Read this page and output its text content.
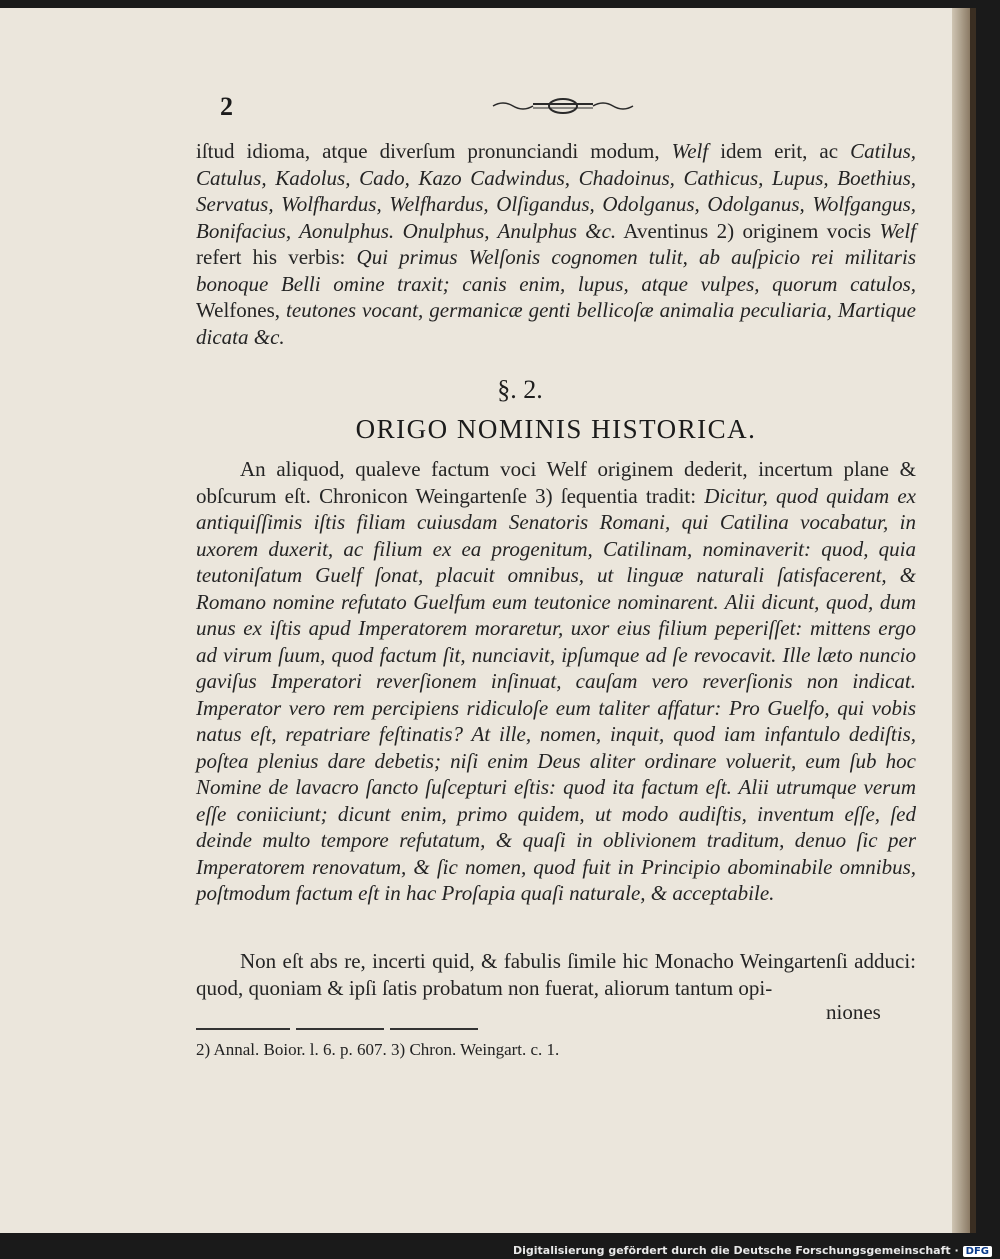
2

iſtud idioma, atque diverſum pronunciandi modum, Welf idem erit, ac Catilus, Catulus, Kadolus, Cado, Kazo Cadwindus, Chadoinus, Cathicus, Lupus, Boethius, Servatus, Wolfhardus, Welfhardus, Olſigandus, Odolganus, Odolganus, Wolfgangus, Bonifacius, Aonulphus. Onulphus, Anulphus &c. Aventinus 2) originem vocis Welf refert his verbis: Qui primus Welſonis cognomen tulit, ab auſpicio rei militaris bonoque Belli omine traxit; canis enim, lupus, atque vulpes, quorum catulos, Welfones, teutones vocant, germanicæ genti bellicoſæ animalia peculiaria, Martique dicata &c.

§. 2.
ORIGO NOMINIS HISTORICA.

An aliquod, qualeve factum voci Welf originem dederit, incertum plane & obſcurum eſt. Chronicon Weingartenſe 3) ſequentia tradit: Dicitur, quod quidam ex antiquiſſimis iſtis filiam cuiusdam Senatoris Romani, qui Catilina vocabatur, in uxorem duxerit, ac filium ex ea progenitum, Catilinam, nominaverit: quod, quia teutoniſatum Guelf ſonat, placuit omnibus, ut linguæ naturali ſatisfacerent, & Romano nomine refutato Guelfum eum teutonice nominarent. Alii dicunt, quod, dum unus ex iſtis apud Imperatorem moraretur, uxor eius filium peperiſſet: mittens ergo ad virum ſuum, quod factum ſit, nunciavit, ipſumque ad ſe revocavit. Ille læto nuncio gaviſus Imperatori reverſionem inſinuat, cauſam vero reverſionis non indicat. Imperator vero rem percipiens ridiculoſe eum taliter affatur: Pro Guelfo, qui vobis natus eſt, repatriare feſtinatis? At ille, nomen, inquit, quod iam infantulo dediſtis, poſtea plenius dare debetis; niſi enim Deus aliter ordinare voluerit, eum ſub hoc Nomine de lavacro ſancto ſuſcepturi eſtis: quod ita factum eſt. Alii utrumque verum eſſe coniiciunt; dicunt enim, primo quidem, ut modo audiſtis, inventum eſſe, ſed deinde multo tempore refutatum, & quaſi in oblivionem traditum, denuo ſic per Imperatorem renovatum, & ſic nomen, quod fuit in Principio abominabile omnibus, poſtmodum factum eſt in hac Proſapia quaſi naturale, & acceptabile.

Non eſt abs re, incerti quid, & fabulis ſimile hic Monacho Weingartenſi adduci: quod, quoniam & ipſi ſatis probatum non fuerat, aliorum tantum opi-

niones
2) Annal. Boior. l. 6. p. 607. 3) Chron. Weingart. c. 1.
Digitalisierung gefördert durch die Deutsche Forschungsgemeinschaft · DFG
